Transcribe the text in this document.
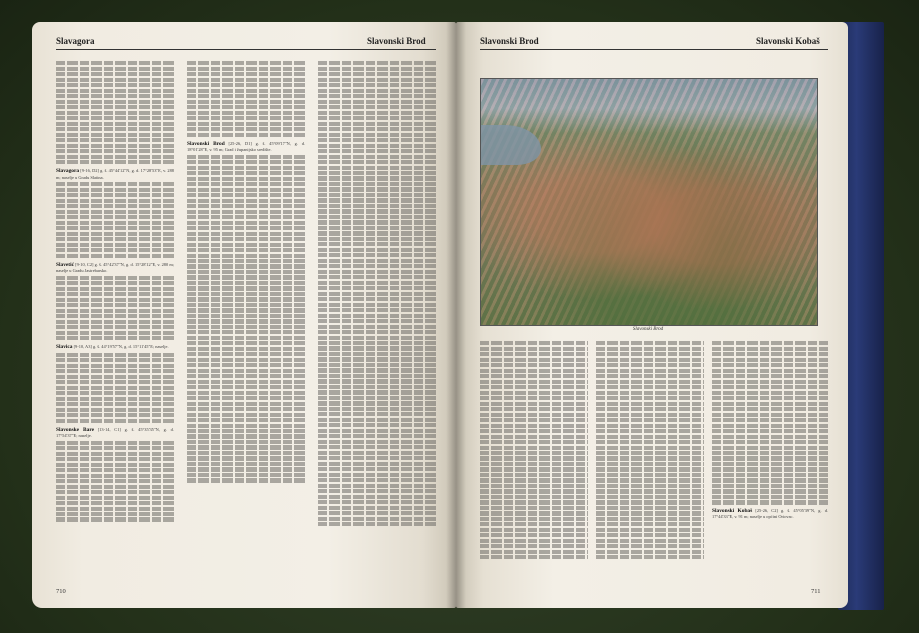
Slavagora	Slavonski Brod

Slavagora [9-16, D2] g. š. 45°44'12"N, g. d. 17°28'53"E, v. 288 m; naselje u Gradu Slatina.

Slavetić [9-10, C2] g. š. 45°42'37"N, g. d. 15°28'12"E, v. 280 m; naselje u Gradu Jastrebarsko.

Slavica [9-10, A3] g. š. 44°19'57"N, g. d. 15°11'45"E; naselje.

Slavonske Bare [13-14, C1] g. š. 45°35'35"N, g. d. 17°54'37"E; naselje.

Slavonski Brod [25-26, D1] g. š. 45°09'17"N, g. d. 18°01'28"E, v. 95 m; Grad i županijsko središte.

710
Slavonski Brod	Slavonski Kobaš
Slavonski Brod

Slavonski Kobaš [25-26, C2] g. š. 45°05'39"N, g. d. 17°44'33"E, v. 91 m; naselje u općini Oriovac.

711
